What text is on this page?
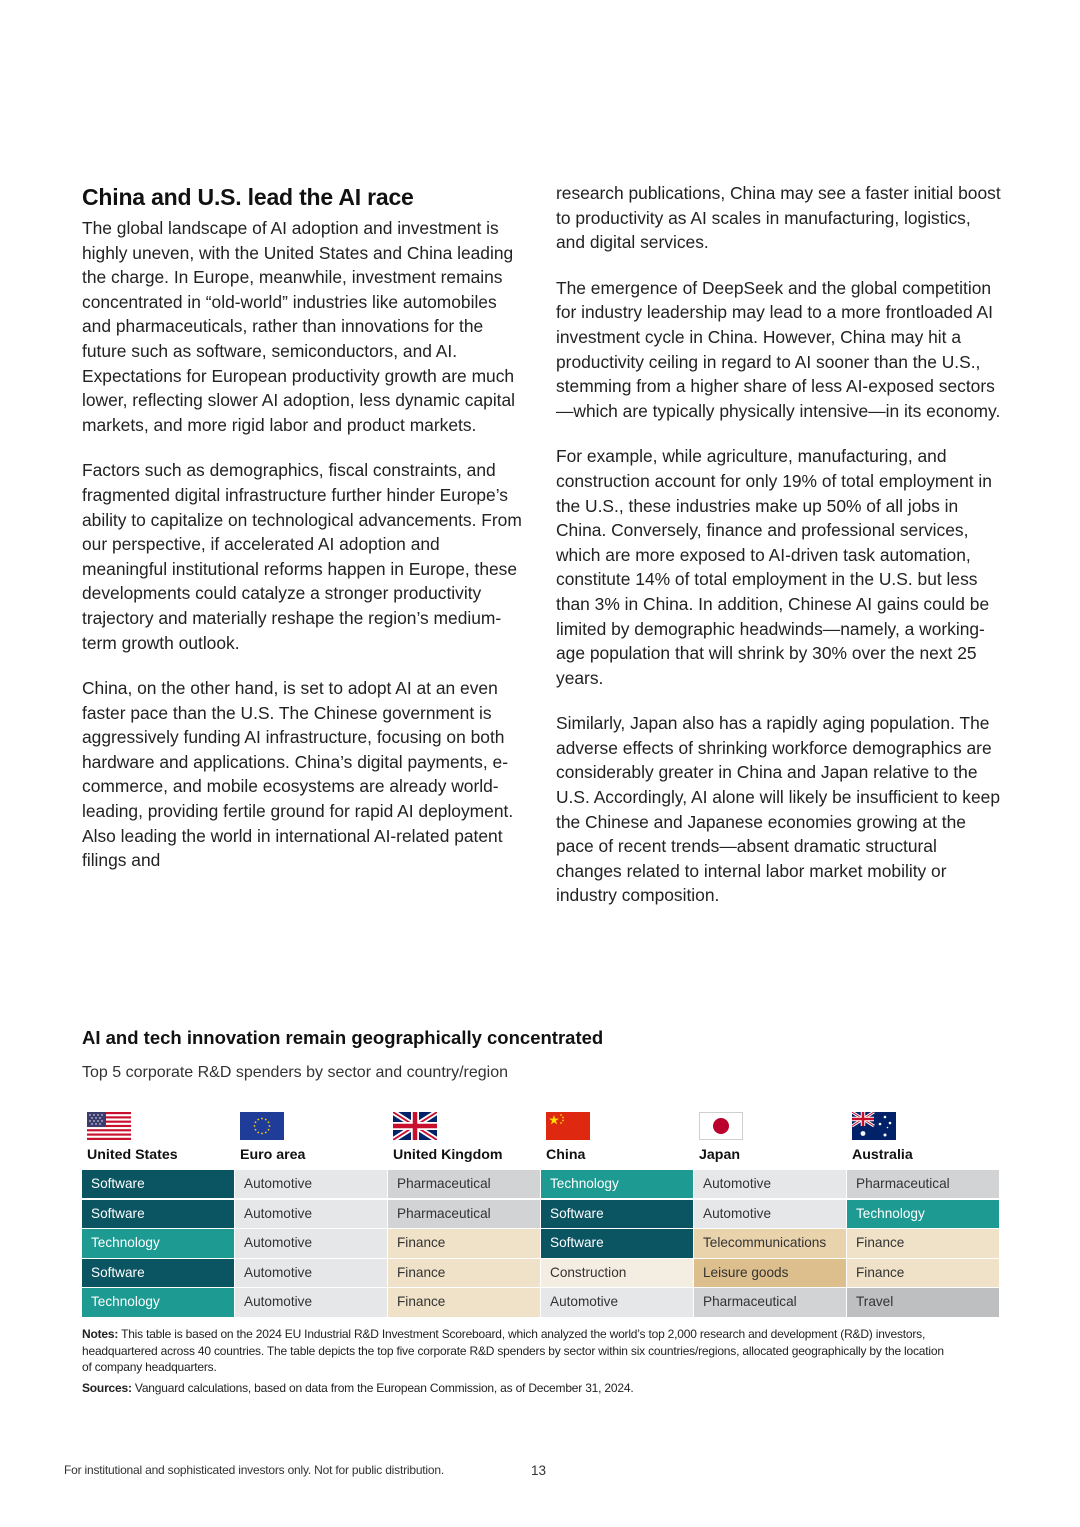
China and U.S. lead the AI race

The global landscape of AI adoption and investment is highly uneven, with the United States and China leading the charge. In Europe, meanwhile, investment remains concentrated in “old-world” industries like automobiles and pharmaceuticals, rather than innovations for the future such as software, semiconductors, and AI. Expectations for European productivity growth are much lower, reflecting slower AI adoption, less dynamic capital markets, and more rigid labor and product markets.

Factors such as demographics, fiscal constraints, and fragmented digital infrastructure further hinder Europe’s ability to capitalize on technological advancements. From our perspective, if accelerated AI adoption and meaningful institutional reforms happen in Europe, these developments could catalyze a stronger productivity trajectory and materially reshape the region’s medium-term growth outlook.

China, on the other hand, is set to adopt AI at an even faster pace than the U.S. The Chinese government is aggressively funding AI infrastructure, focusing on both hardware and applications. China’s digital payments, e-commerce, and mobile ecosystems are already world-leading, providing fertile ground for rapid AI deployment. Also leading the world in international AI-related patent filings and

research publications, China may see a faster initial boost to productivity as AI scales in manufacturing, logistics, and digital services.

The emergence of DeepSeek and the global competition for industry leadership may lead to a more frontloaded AI investment cycle in China. However, China may hit a productivity ceiling in regard to AI sooner than the U.S., stemming from a higher share of less AI-exposed sectors—which are typically physically intensive—in its economy.

For example, while agriculture, manufacturing, and construction account for only 19% of total employment in the U.S., these industries make up 50% of all jobs in China. Conversely, finance and professional services, which are more exposed to AI-driven task automation, constitute 14% of total employment in the U.S. but less than 3% in China. In addition, Chinese AI gains could be limited by demographic headwinds—namely, a working-age population that will shrink by 30% over the next 25 years.

Similarly, Japan also has a rapidly aging population. The adverse effects of shrinking workforce demographics are considerably greater in China and Japan relative to the U.S. Accordingly, AI alone will likely be insufficient to keep the Chinese and Japanese economies growing at the pace of recent trends—absent dramatic structural changes related to internal labor market mobility or industry composition.

AI and tech innovation remain geographically concentrated

Top 5 corporate R&D spenders by sector and country/region

United States
Software
Software
Technology
Software
Technology
Euro area
Automotive
Automotive
Automotive
Automotive
Automotive
United Kingdom
Pharmaceutical
Pharmaceutical
Finance
Finance
Finance
China
Technology
Software
Software
Construction
Automotive
Japan
Automotive
Automotive
Telecommunications
Leisure goods
Pharmaceutical
Australia
Pharmaceutical
Technology
Finance
Finance
Travel

Notes: This table is based on the 2024 EU Industrial R&D Investment Scoreboard, which analyzed the world’s top 2,000 research and development (R&D) investors, headquartered across 40 countries. The table depicts the top five corporate R&D spenders by sector within six countries/regions, allocated geographically by the location of company headquarters.

Sources: Vanguard calculations, based on data from the European Commission, as of December 31, 2024.

For institutional and sophisticated investors only. Not for public distribution.	13
